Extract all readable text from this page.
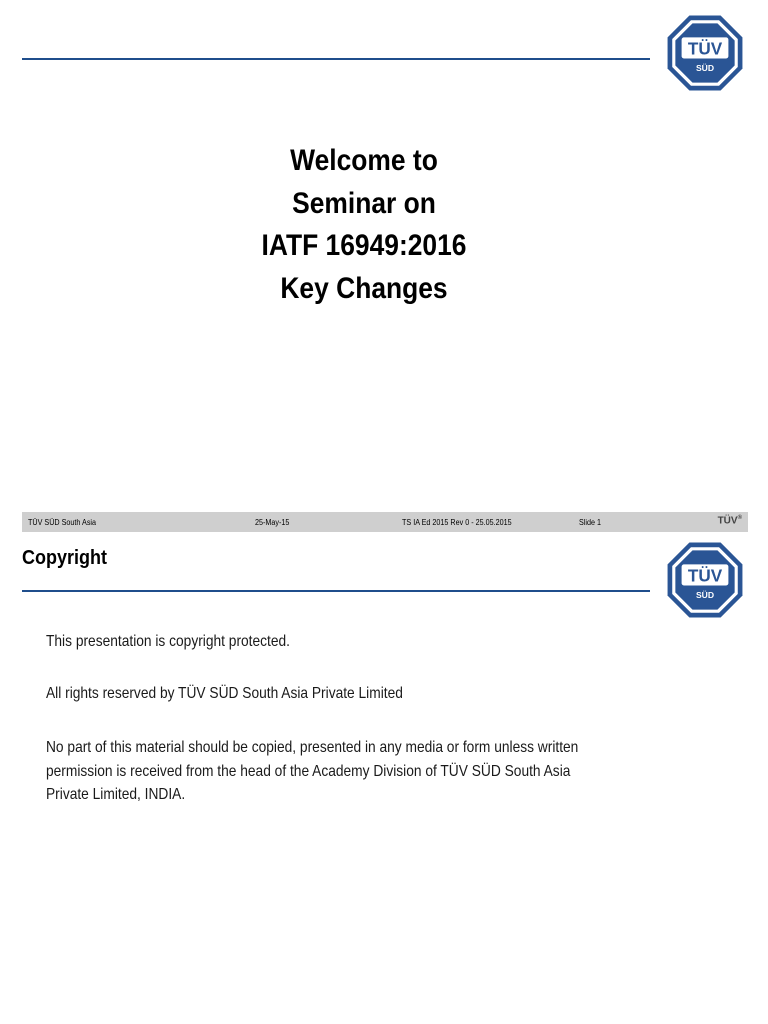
TÜV
SÜD
Welcome to
Seminar on
IATF 16949:2016
Key Changes
TÜV SÜD South Asia	25-May-15	TS IA Ed 2015 Rev 0 - 25.05.2015	Slide 1	TÜV®
Copyright
TÜV
SÜD
This presentation is copyright protected.
All rights reserved by TÜV SÜD South Asia Private Limited
No part of this material should be copied, presented in any media or form unless written
permission is received from the head of the Academy Division of TÜV SÜD South Asia
Private Limited, INDIA.
